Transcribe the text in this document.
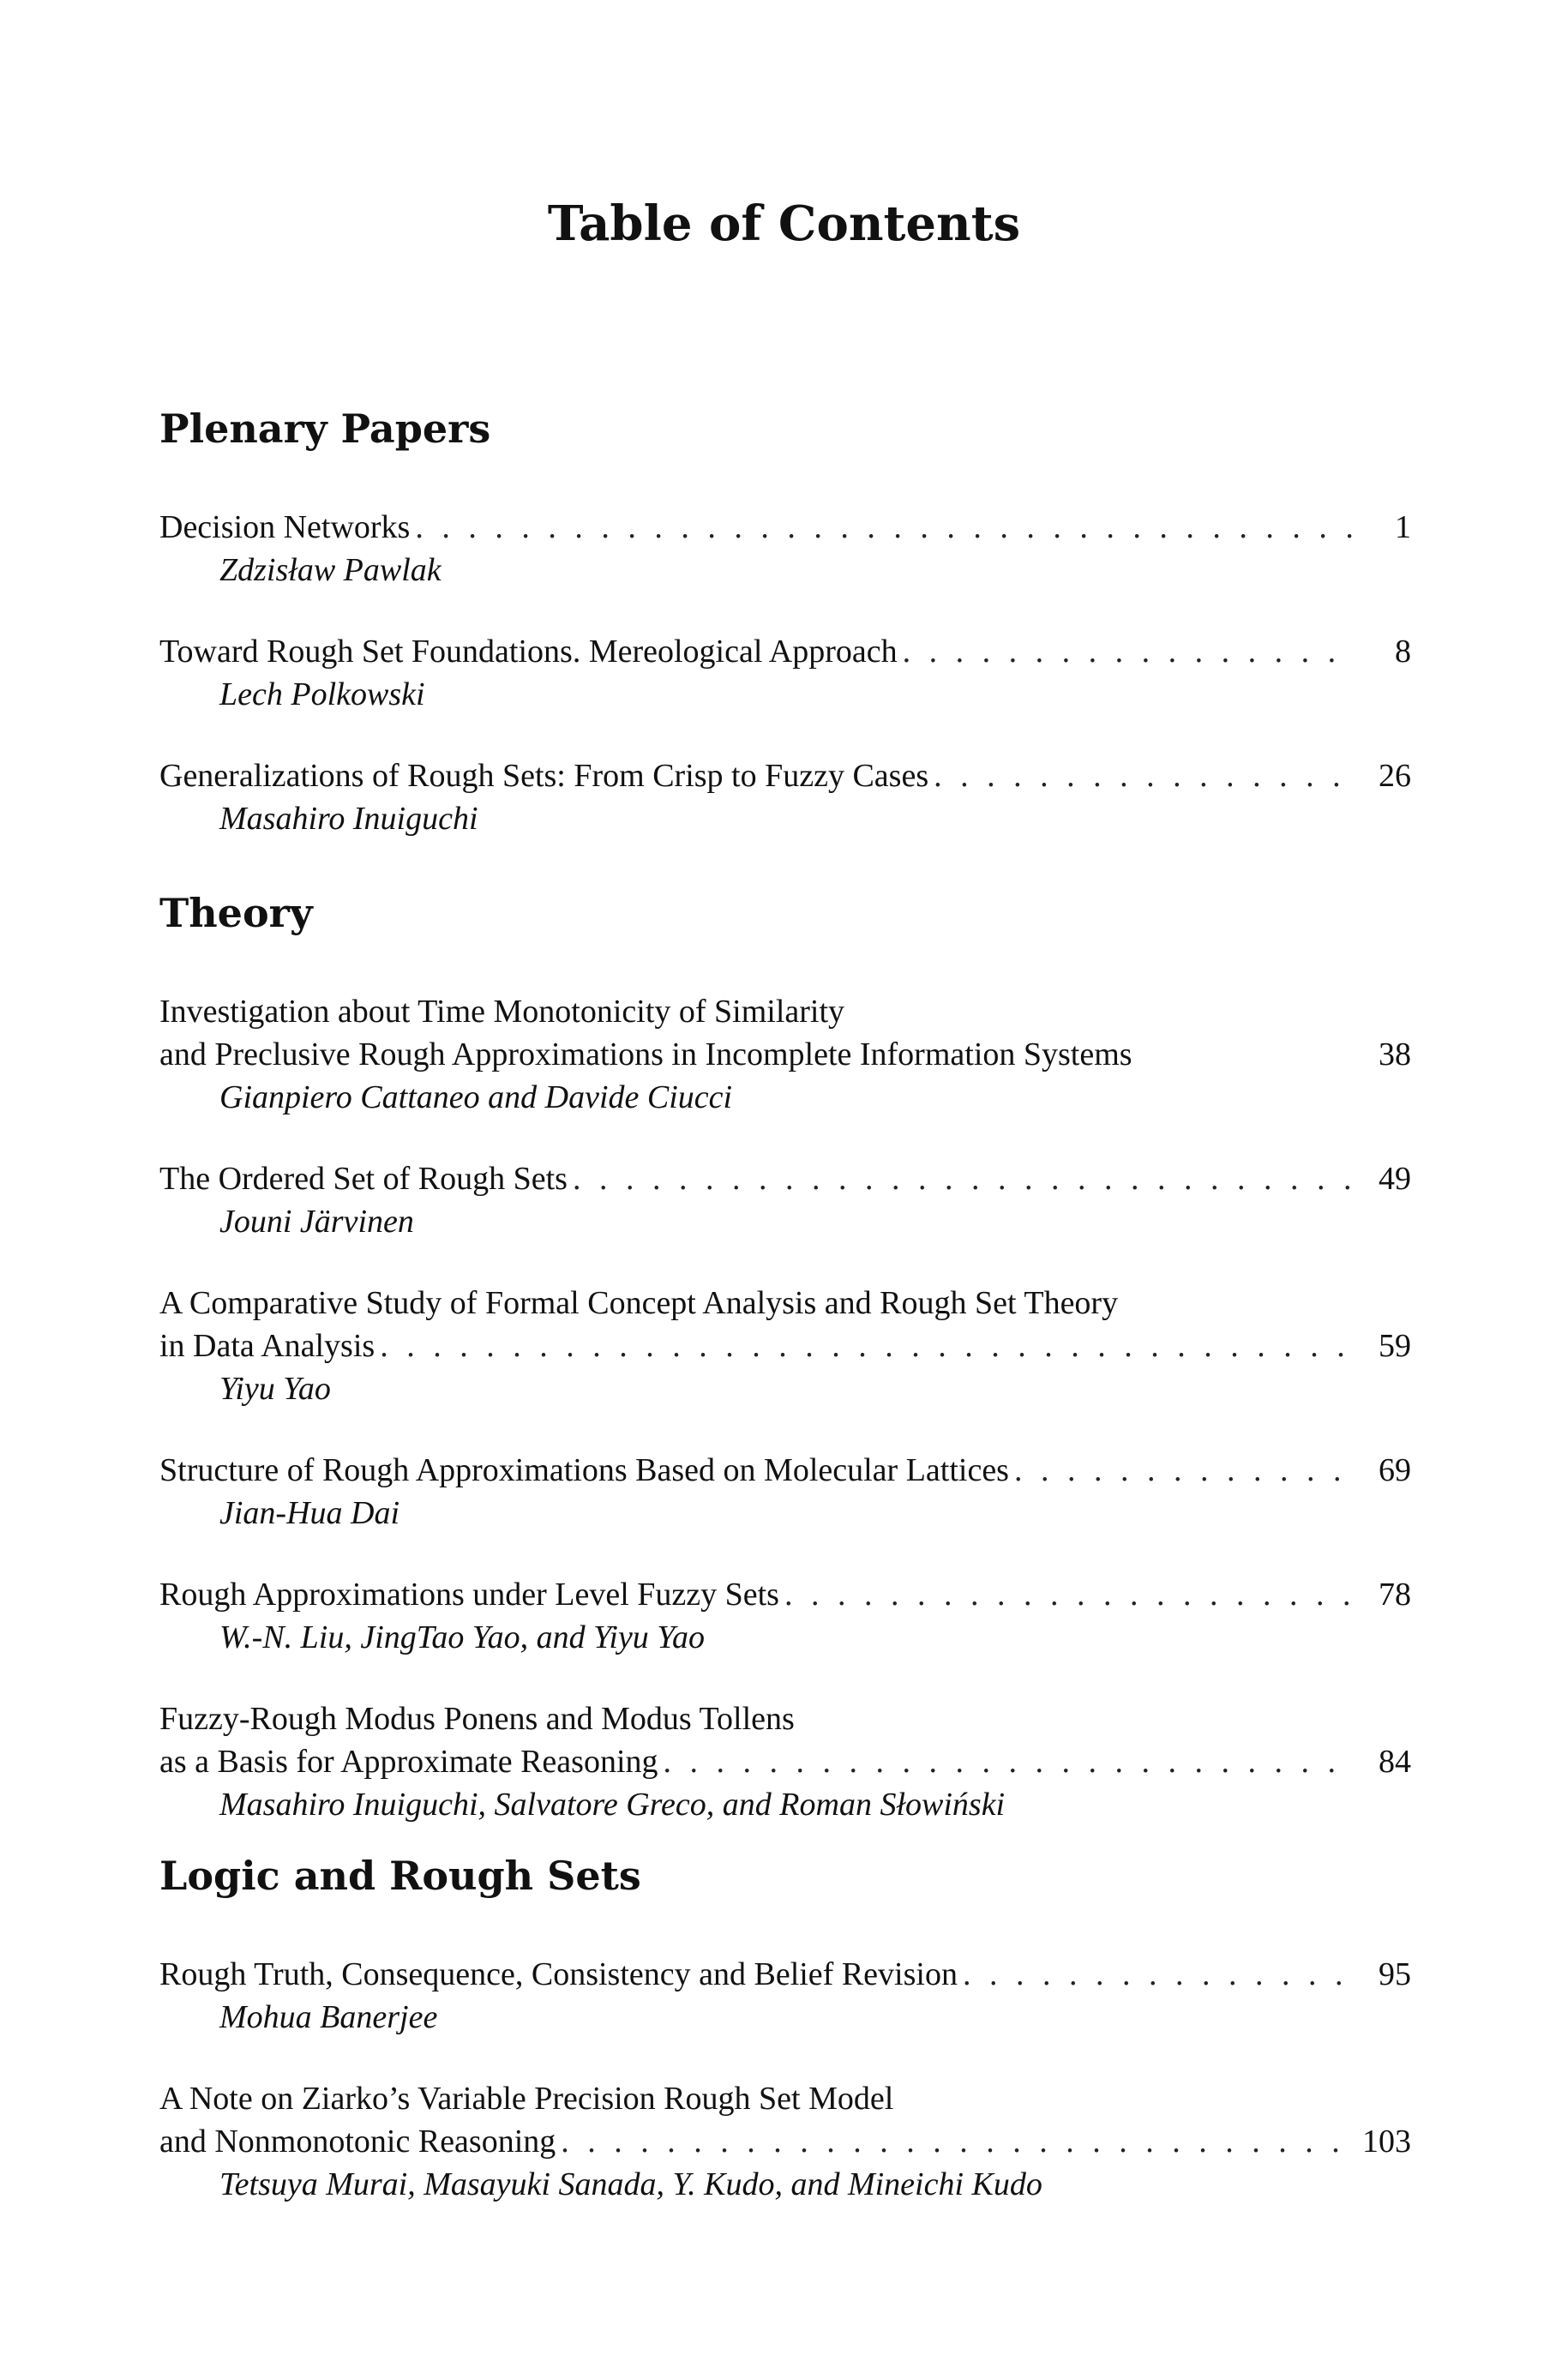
Table of Contents
Plenary Papers
Decision Networks . . .	1
Zdzisław Pawlak
Toward Rough Set Foundations. Mereological Approach . . .	8
Lech Polkowski
Generalizations of Rough Sets: From Crisp to Fuzzy Cases . . .	26
Masahiro Inuiguchi
Theory
Investigation about Time Monotonicity of Similarity
and Preclusive Rough Approximations in Incomplete Information Systems	38
Gianpiero Cattaneo and Davide Ciucci
The Ordered Set of Rough Sets . . .	49
Jouni Järvinen
A Comparative Study of Formal Concept Analysis and Rough Set Theory
in Data Analysis . . .	59
Yiyu Yao
Structure of Rough Approximations Based on Molecular Lattices . . .	69
Jian-Hua Dai
Rough Approximations under Level Fuzzy Sets . . .	78
W.-N. Liu, JingTao Yao, and Yiyu Yao
Fuzzy-Rough Modus Ponens and Modus Tollens
as a Basis for Approximate Reasoning . . .	84
Masahiro Inuiguchi, Salvatore Greco, and Roman Słowiński
Logic and Rough Sets
Rough Truth, Consequence, Consistency and Belief Revision . . .	95
Mohua Banerjee
A Note on Ziarko’s Variable Precision Rough Set Model
and Nonmonotonic Reasoning . . .	103
Tetsuya Murai, Masayuki Sanada, Y. Kudo, and Mineichi Kudo
